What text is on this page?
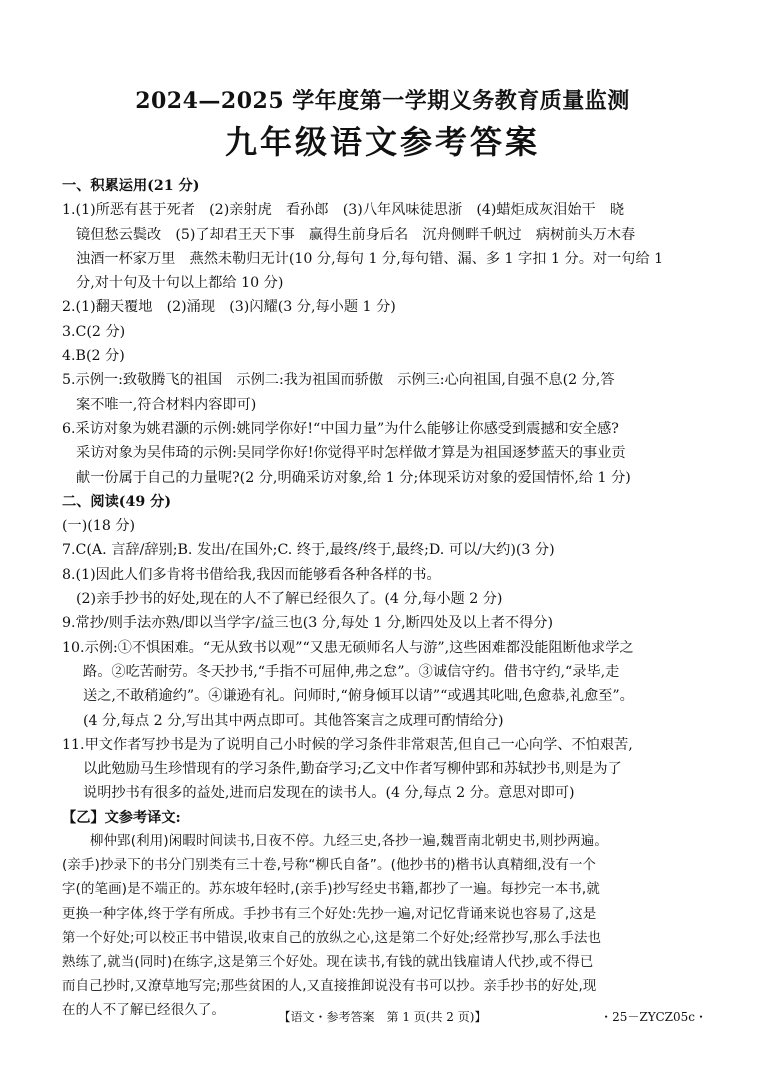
2024—2025 学年度第一学期义务教育质量监测
九年级语文参考答案

一、积累运用(21 分)

1.(1)所恶有甚于死者　(2)亲射虎　看孙郎　(3)八年风味徒思浙　(4)蜡炬成灰泪始干　晓

镜但愁云鬓改　(5)了却君王天下事　赢得生前身后名　沉舟侧畔千帆过　病树前头万木春

浊酒一杯家万里　燕然未勒归无计(10 分,每句 1 分,每句错、漏、多 1 字扣 1 分。对一句给 1

分,对十句及十句以上都给 10 分)

2.(1)翻天覆地　(2)涌现　(3)闪耀(3 分,每小题 1 分)

3.C(2 分)

4.B(2 分)

5.示例一:致敬腾飞的祖国　示例二:我为祖国而骄傲　示例三:心向祖国,自强不息(2 分,答

案不唯一,符合材料内容即可)

6.采访对象为姚君灏的示例:姚同学你好!“中国力量”为什么能够让你感受到震撼和安全感?

采访对象为吴伟琦的示例:吴同学你好!你觉得平时怎样做才算是为祖国逐梦蓝天的事业贡

献一份属于自己的力量呢?(2 分,明确采访对象,给 1 分;体现采访对象的爱国情怀,给 1 分)

二、阅读(49 分)

(一)(18 分)

7.C(A. 言辞/辞别;B. 发出/在国外;C. 终于,最终/终于,最终;D. 可以/大约)(3 分)

8.(1)因此人们多肯将书借给我,我因而能够看各种各样的书。

(2)亲手抄书的好处,现在的人不了解已经很久了。(4 分,每小题 2 分)

9.常抄/则手法亦熟/即以当学字/益三也(3 分,每处 1 分,断四处及以上者不得分)

10.示例:①不惧困难。“无从致书以观”“又患无硕师名人与游”,这些困难都没能阻断他求学之

路。②吃苦耐劳。冬天抄书,“手指不可屈伸,弗之怠”。③诚信守约。借书守约,“录毕,走

送之,不敢稍逾约”。④谦逊有礼。问师时,“俯身倾耳以请”“或遇其叱咄,色愈恭,礼愈至”。

(4 分,每点 2 分,写出其中两点即可。其他答案言之成理可酌情给分)

11.甲文作者写抄书是为了说明自己小时候的学习条件非常艰苦,但自己一心向学、不怕艰苦,

以此勉励马生珍惜现有的学习条件,勤奋学习;乙文中作者写柳仲郢和苏轼抄书,则是为了

说明抄书有很多的益处,进而启发现在的读书人。(4 分,每点 2 分。意思对即可)

【乙】文参考译文:

柳仲郢(利用)闲暇时间读书,日夜不停。九经三史,各抄一遍,魏晋南北朝史书,则抄两遍。

(亲手)抄录下的书分门别类有三十卷,号称“柳氏自备”。(他抄书的)楷书认真精细,没有一个

字(的笔画)是不端正的。苏东坡年轻时,(亲手)抄写经史书籍,都抄了一遍。每抄完一本书,就

更换一种字体,终于学有所成。手抄书有三个好处:先抄一遍,对记忆背诵来说也容易了,这是

第一个好处;可以校正书中错误,收束自己的放纵之心,这是第二个好处;经常抄写,那么手法也

熟练了,就当(同时)在练字,这是第三个好处。现在读书,有钱的就出钱雇请人代抄,或不得已

而自己抄时,又潦草地写完;那些贫困的人,又直接推卸说没有书可以抄。亲手抄书的好处,现

在的人不了解已经很久了。	【语文・参考答案　第 1 页(共 2 页)】	・25－ZYCZ05c・
